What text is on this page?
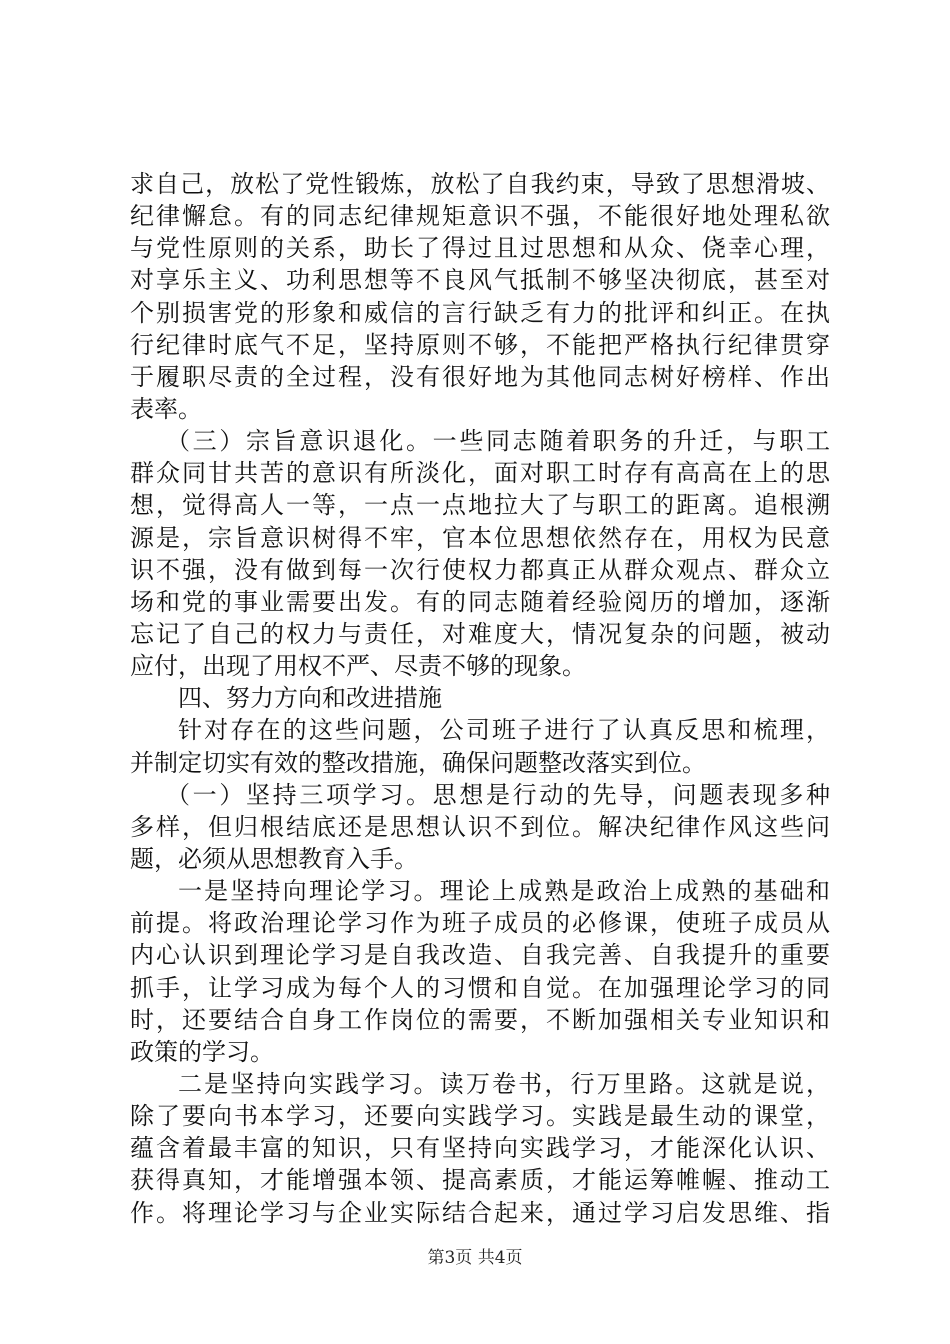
求自己，放松了党性锻炼，放松了自我约束，导致了思想滑坡、
纪律懈怠。有的同志纪律规矩意识不强，不能很好地处理私欲
与党性原则的关系，助长了得过且过思想和从众、侥幸心理，
对享乐主义、功利思想等不良风气抵制不够坚决彻底，甚至对
个别损害党的形象和威信的言行缺乏有力的批评和纠正。在执
行纪律时底气不足，坚持原则不够，不能把严格执行纪律贯穿
于履职尽责的全过程，没有很好地为其他同志树好榜样、作出
表率。
（三）宗旨意识退化。一些同志随着职务的升迁，与职工
群众同甘共苦的意识有所淡化，面对职工时存有高高在上的思
想，觉得高人一等，一点一点地拉大了与职工的距离。追根溯
源是，宗旨意识树得不牢，官本位思想依然存在，用权为民意
识不强，没有做到每一次行使权力都真正从群众观点、群众立
场和党的事业需要出发。有的同志随着经验阅历的增加，逐渐
忘记了自己的权力与责任，对难度大，情况复杂的问题，被动
应付，出现了用权不严、尽责不够的现象。
四、努力方向和改进措施
针对存在的这些问题，公司班子进行了认真反思和梳理，
并制定切实有效的整改措施，确保问题整改落实到位。
（一）坚持三项学习。思想是行动的先导，问题表现多种
多样，但归根结底还是思想认识不到位。解决纪律作风这些问
题，必须从思想教育入手。
一是坚持向理论学习。理论上成熟是政治上成熟的基础和
前提。将政治理论学习作为班子成员的必修课，使班子成员从
内心认识到理论学习是自我改造、自我完善、自我提升的重要
抓手，让学习成为每个人的习惯和自觉。在加强理论学习的同
时，还要结合自身工作岗位的需要，不断加强相关专业知识和
政策的学习。
二是坚持向实践学习。读万卷书，行万里路。这就是说，
除了要向书本学习，还要向实践学习。实践是最生动的课堂，
蕴含着最丰富的知识，只有坚持向实践学习，才能深化认识、
获得真知，才能增强本领、提高素质，才能运筹帷幄、推动工
作。将理论学习与企业实际结合起来，通过学习启发思维、指
第3页 共4页
